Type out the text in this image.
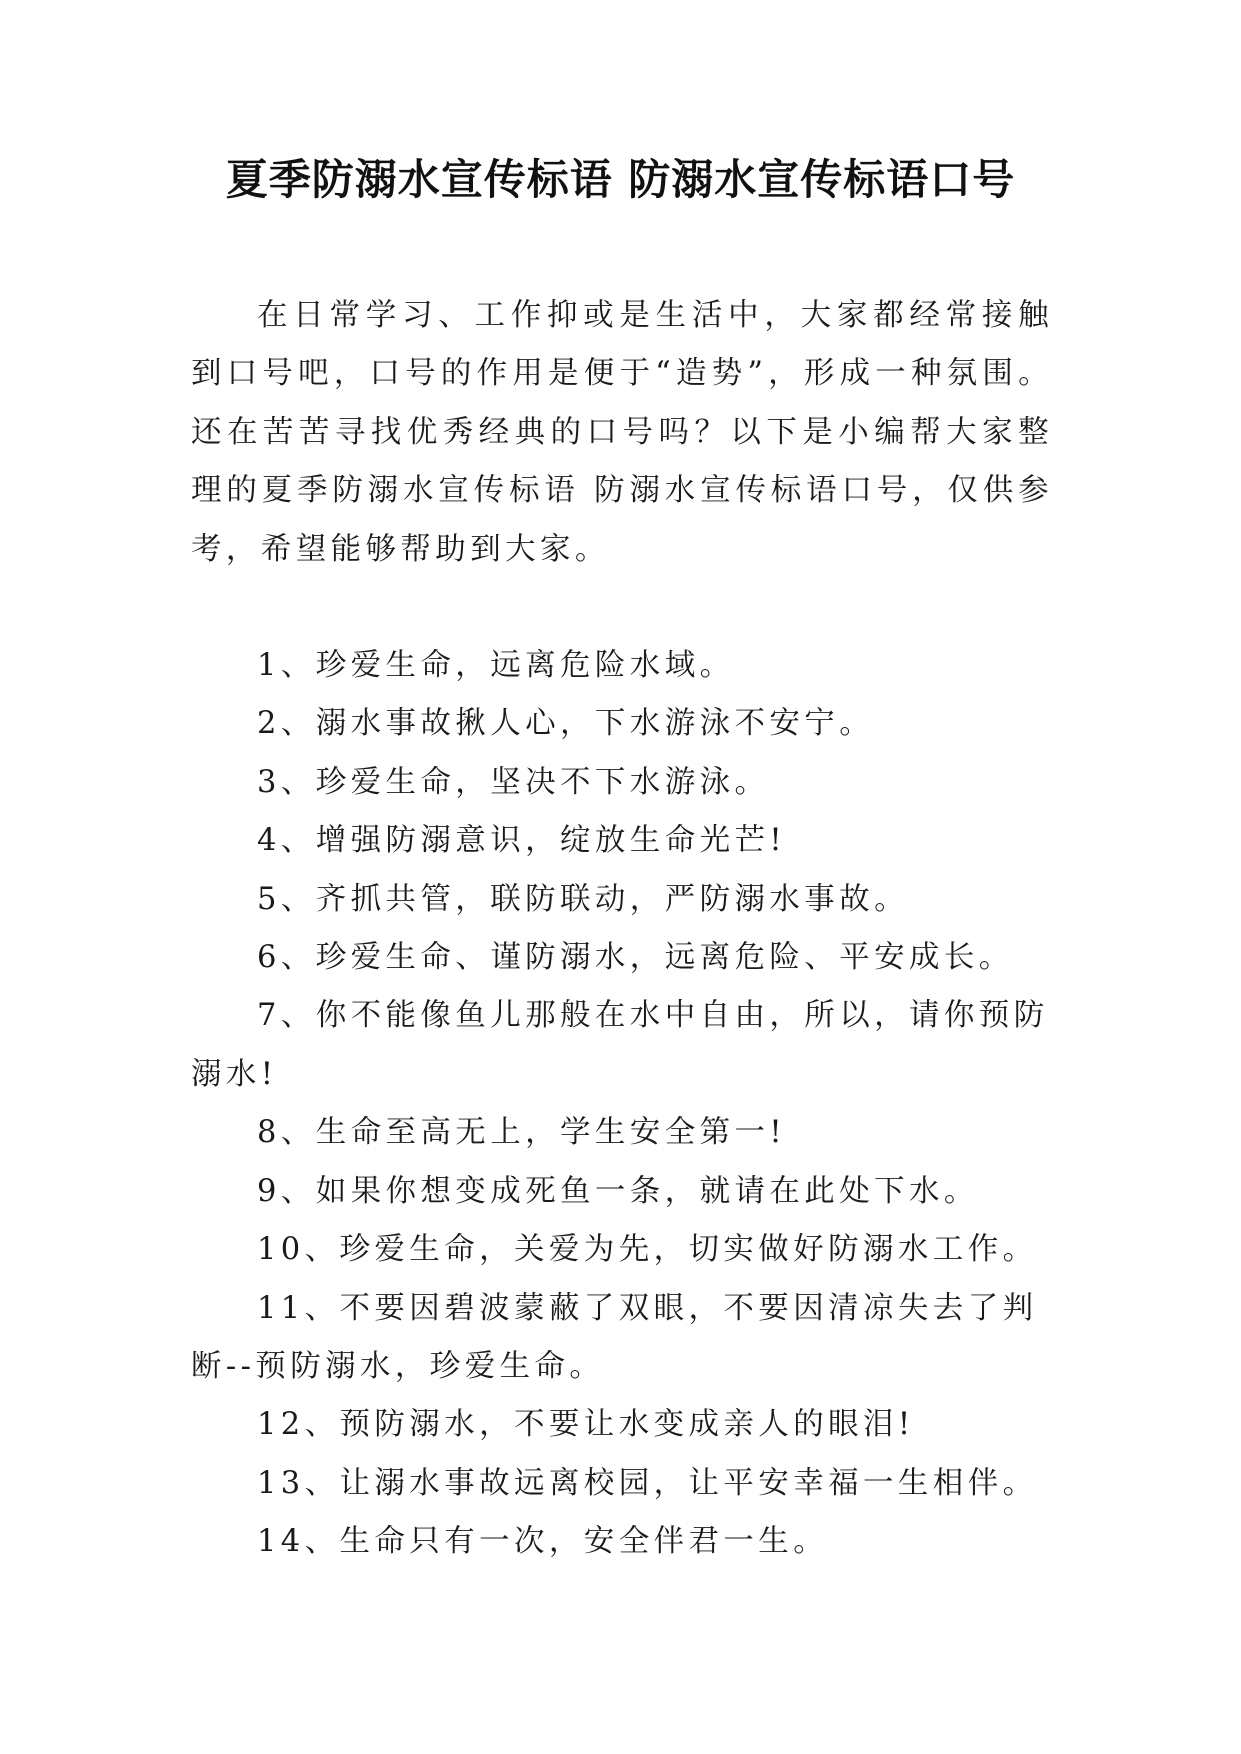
夏季防溺水宣传标语 防溺水宣传标语口号

在日常学习、工作抑或是生活中，大家都经常接触到口号吧，口号的作用是便于“造势”，形成一种氛围。还在苦苦寻找优秀经典的口号吗？以下是小编帮大家整理的夏季防溺水宣传标语 防溺水宣传标语口号，仅供参考，希望能够帮助到大家。

1、珍爱生命，远离危险水域。
2、溺水事故揪人心，下水游泳不安宁。
3、珍爱生命，坚决不下水游泳。
4、增强防溺意识，绽放生命光芒!
5、齐抓共管，联防联动，严防溺水事故。
6、珍爱生命、谨防溺水，远离危险、平安成长。
7、你不能像鱼儿那般在水中自由，所以，请你预防溺水!
8、生命至高无上，学生安全第一!
9、如果你想变成死鱼一条，就请在此处下水。
10、珍爱生命，关爱为先，切实做好防溺水工作。
11、不要因碧波蒙蔽了双眼，不要因清凉失去了判断--预防溺水，珍爱生命。
12、预防溺水，不要让水变成亲人的眼泪!
13、让溺水事故远离校园，让平安幸福一生相伴。
14、生命只有一次，安全伴君一生。
